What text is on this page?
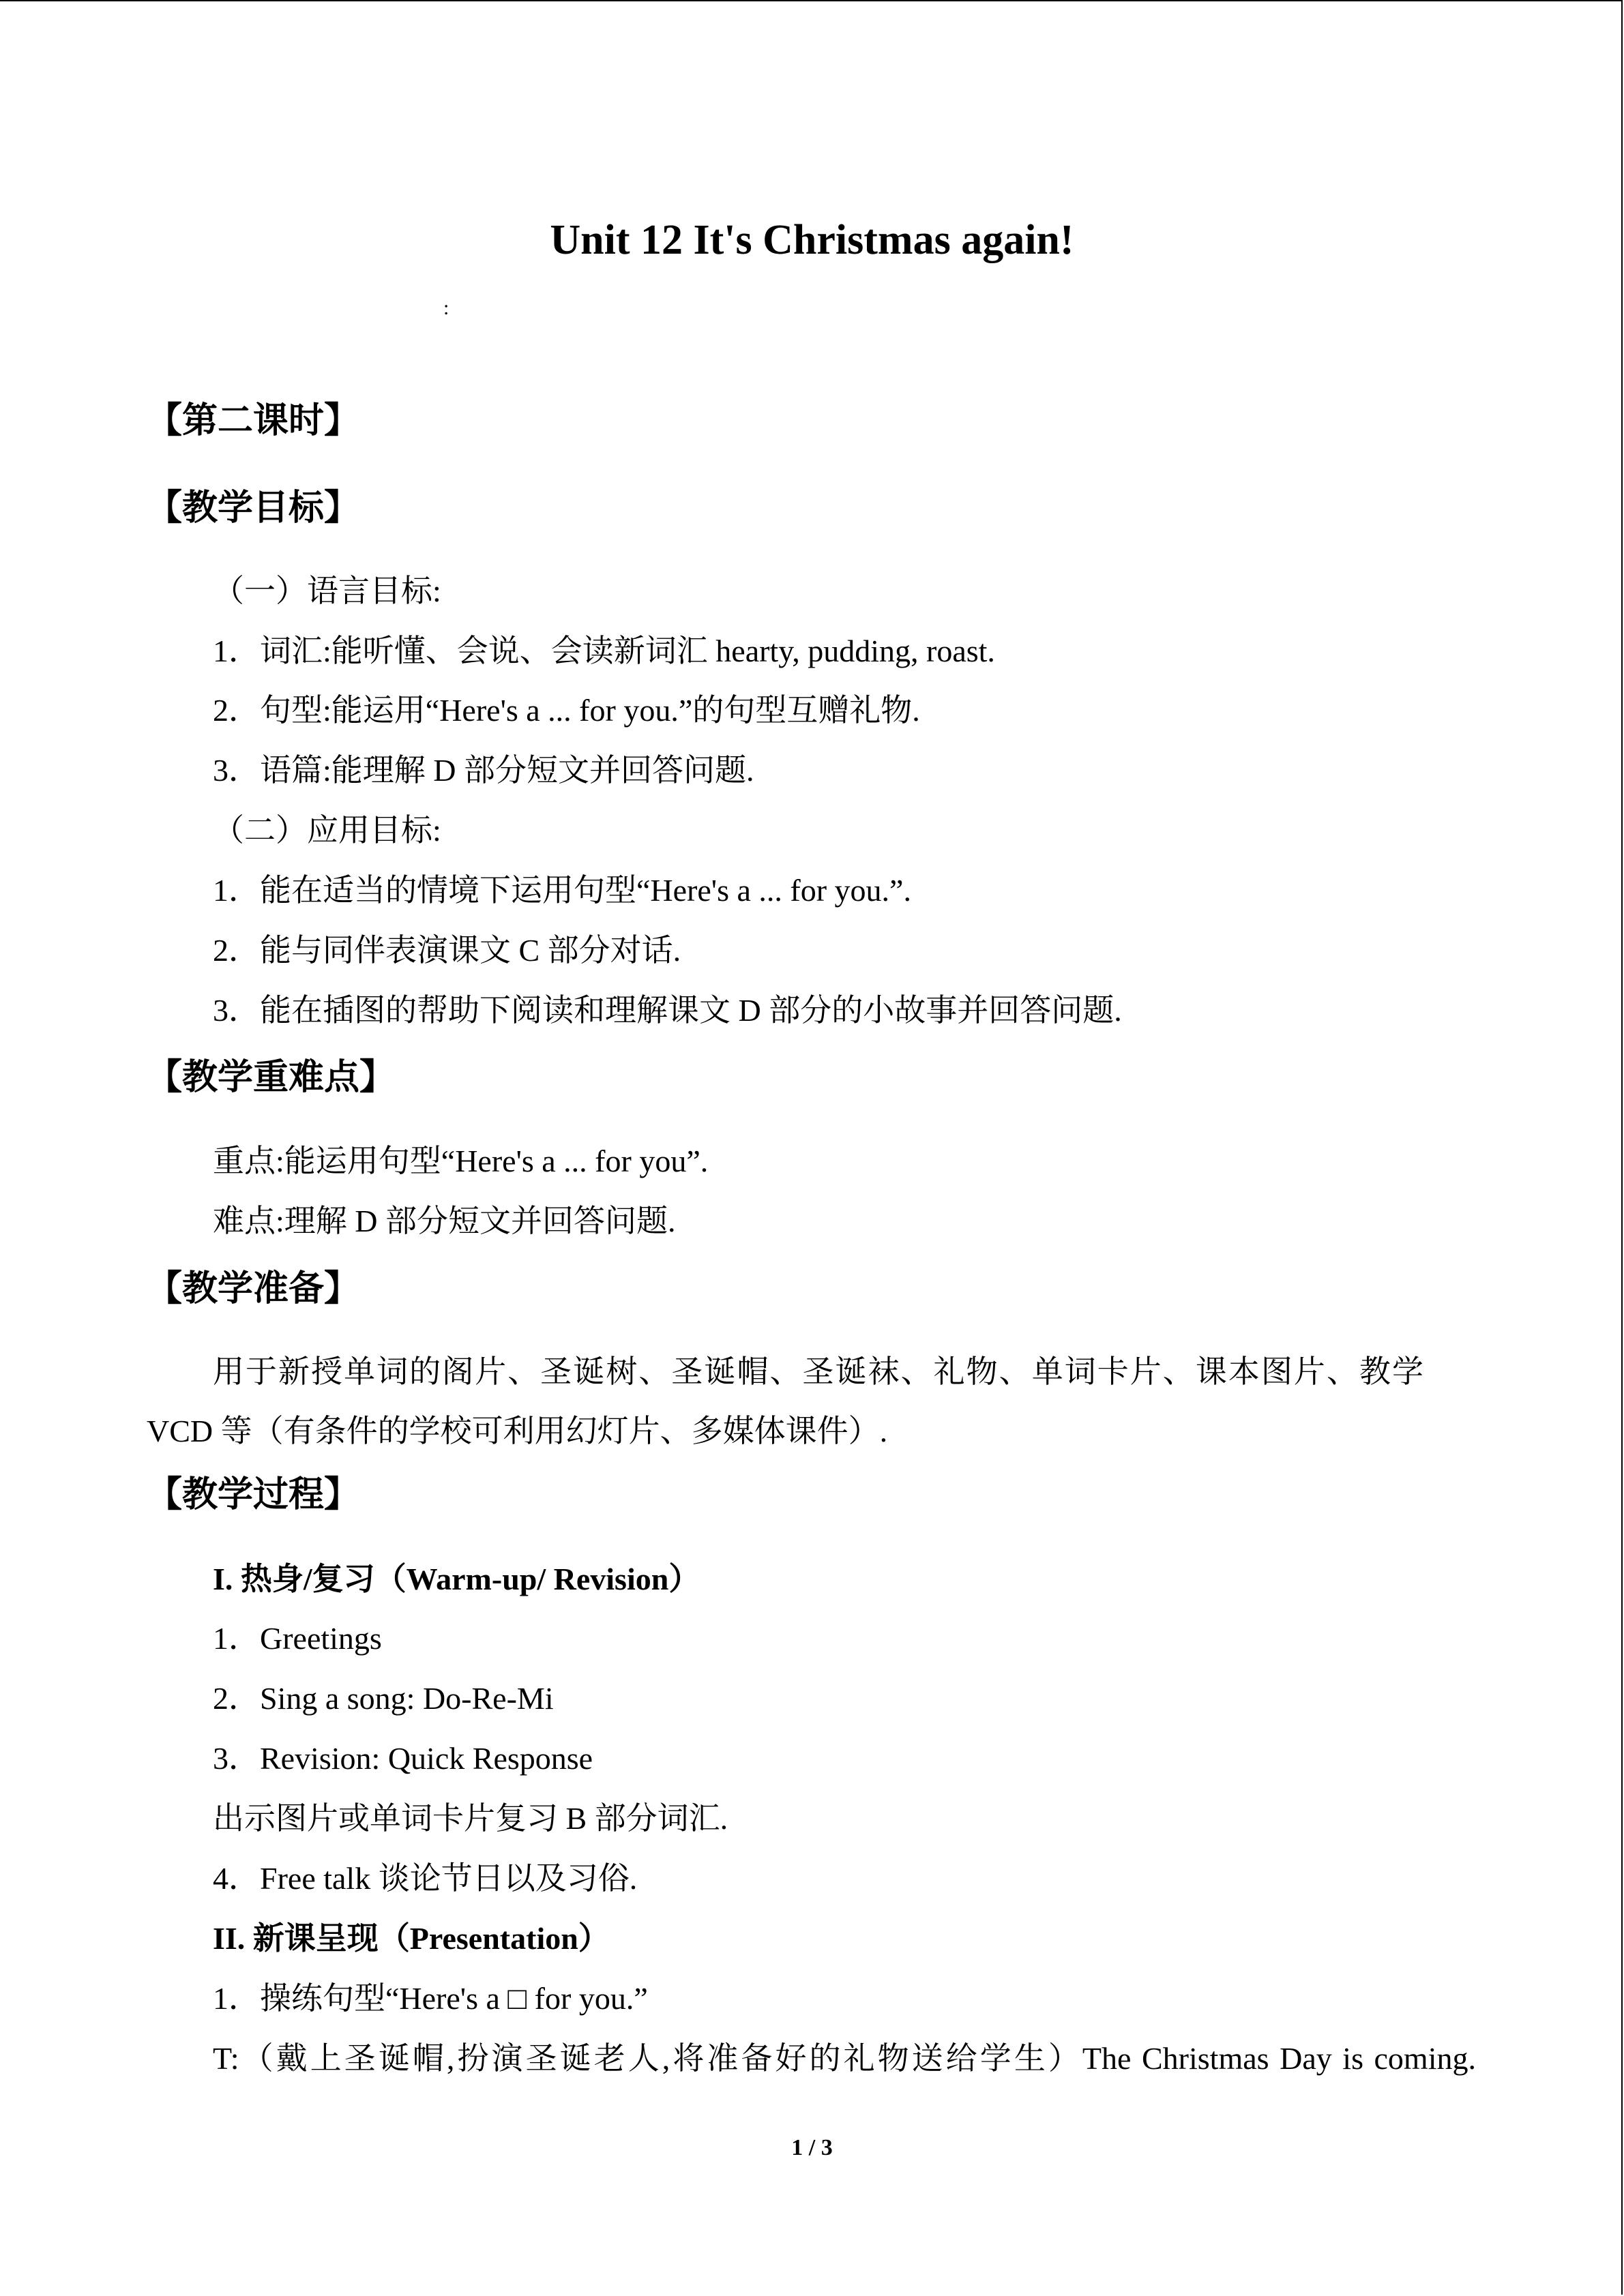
Unit 12 It's Christmas again!
:
【第二课时】
【教学目标】
（一）语言目标:
1．词汇:能听懂、会说、会读新词汇 hearty, pudding, roast.
2．句型:能运用“Here's a ... for you.”的句型互赠礼物.
3．语篇:能理解 D 部分短文并回答问题.
（二）应用目标:
1．能在适当的情境下运用句型“Here's a ... for you.”.
2．能与同伴表演课文 C 部分对话.
3．能在插图的帮助下阅读和理解课文 D 部分的小故事并回答问题.
【教学重难点】
重点:能运用句型“Here's a ... for you”.
难点:理解 D 部分短文并回答问题.
【教学准备】
用于新授单词的阁片、圣诞树、圣诞帽、圣诞袜、礼物、单词卡片、课本图片、教学
VCD 等（有条件的学校可利用幻灯片、多媒体课件）.
【教学过程】
I. 热身/复习（Warm-up/ Revision）
1．Greetings
2．Sing a song: Do-Re-Mi
3．Revision: Quick Response
出示图片或单词卡片复习 B 部分词汇.
4．Free talk 谈论节日以及习俗.
II. 新课呈现（Presentation）
1．操练句型“Here's a □ for you.”
T:（戴上圣诞帽,扮演圣诞老人,将准备好的礼物送给学生）The Christmas Day is coming.
1 / 3
